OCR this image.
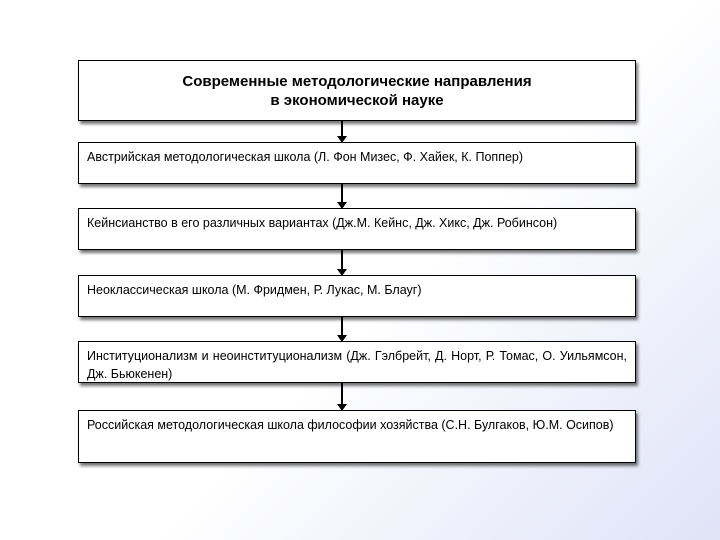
Современные методологические направления
в экономической науке
Австрийская методологическая школа (Л. Фон Мизес, Ф. Хайек, К. Поппер)
Кейнсианство в его различных вариантах (Дж.М. Кейнс, Дж. Хикс, Дж. Робинсон)
Неоклассическая школа (М. Фридмен, Р. Лукас, М. Блауг)
Институционализм и неоинституционализм (Дж. Гэлбрейт, Д. Норт, Р. Томас, О. Уильямсон, Дж. Бьюкенен)
Российская методологическая школа философии хозяйства (С.Н. Булгаков, Ю.М. Осипов)
